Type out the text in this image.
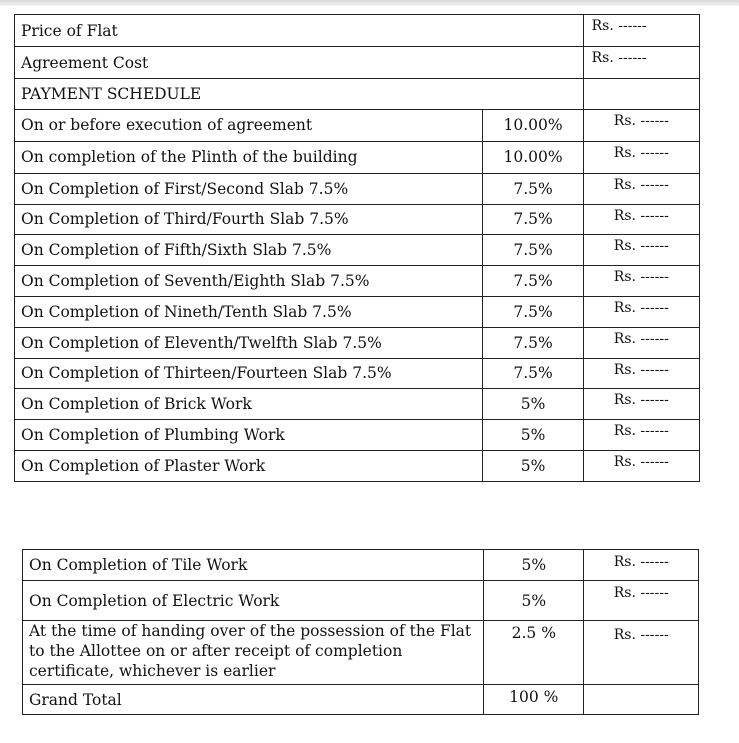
Price of Flat		Rs. ------
Agreement Cost		Rs. ------
PAYMENT SCHEDULE		
On or before execution of agreement	10.00%	Rs. ------
On completion of the Plinth of the building	10.00%	Rs. ------
On Completion of First/Second Slab 7.5%	7.5%	Rs. ------
On Completion of Third/Fourth Slab 7.5%	7.5%	Rs. ------
On Completion of Fifth/Sixth Slab 7.5%	7.5%	Rs. ------
On Completion of Seventh/Eighth Slab 7.5%	7.5%	Rs. ------
On Completion of Nineth/Tenth Slab 7.5%	7.5%	Rs. ------
On Completion of Eleventh/Twelfth Slab 7.5%	7.5%	Rs. ------
On Completion of Thirteen/Fourteen Slab 7.5%	7.5%	Rs. ------
On Completion of Brick Work	5%	Rs. ------
On Completion of Plumbing Work	5%	Rs. ------
On Completion of Plaster Work	5%	Rs. ------
On Completion of Tile Work	5%	Rs. ------
On Completion of Electric Work	5%	Rs. ------
At the time of handing over of the possession of the Flat to the Allottee on or after receipt of completion certificate, whichever is earlier	2.5 %	Rs. ------
Grand Total	100 %	
